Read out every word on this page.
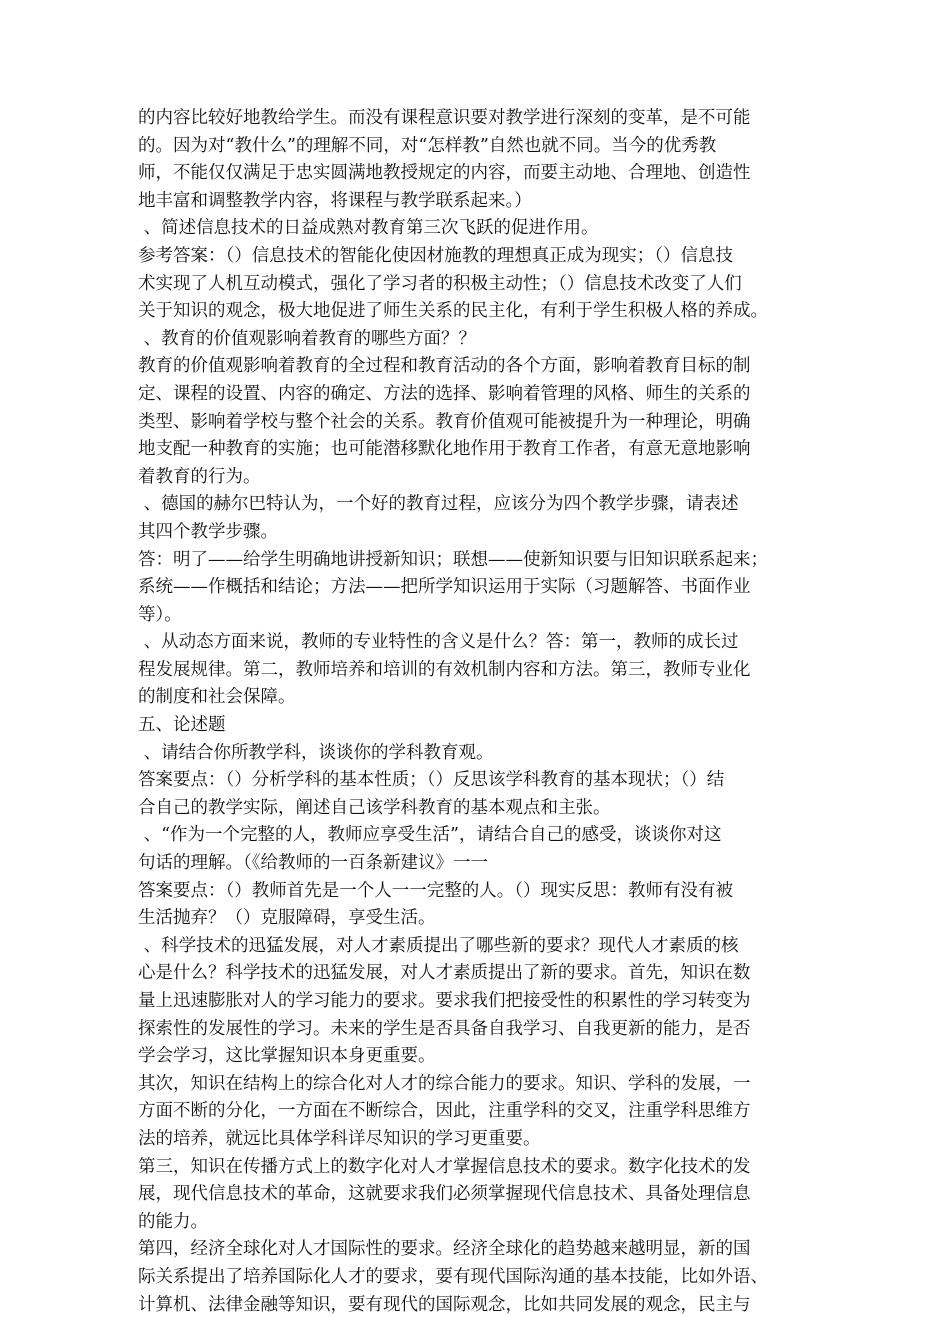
的内容比较好地教给学生。而没有课程意识要对教学进行深刻的变革，是不可能
的。因为对“教什么”的理解不同，对“怎样教”自然也就不同。当今的优秀教
师，不能仅仅满足于忠实圆满地教授规定的内容，而要主动地、合理地、创造性
地丰富和调整教学内容，将课程与教学联系起来。）
、简述信息技术的日益成熟对教育第三次飞跃的促进作用。
参考答案：（）信息技术的智能化使因材施教的理想真正成为现实；（）信息技
术实现了人机互动模式，强化了学习者的积极主动性；（）信息技术改变了人们
关于知识的观念，极大地促进了师生关系的民主化，有利于学生积极人格的养成。
、教育的价值观影响着教育的哪些方面？？
教育的价值观影响着教育的全过程和教育活动的各个方面，影响着教育目标的制
定、课程的设置、内容的确定、方法的选择、影响着管理的风格、师生的关系的
类型、影响着学校与整个社会的关系。教育价值观可能被提升为一种理论，明确
地支配一种教育的实施；也可能潜移默化地作用于教育工作者，有意无意地影响
着教育的行为。
、德国的赫尔巴特认为，一个好的教育过程，应该分为四个教学步骤，请表述
其四个教学步骤。
答：明了——给学生明确地讲授新知识；联想——使新知识要与旧知识联系起来；
系统——作概括和结论；方法——把所学知识运用于实际（习题解答、书面作业
等）。
、从动态方面来说，教师的专业特性的含义是什么？答：第一，教师的成长过
程发展规律。第二，教师培养和培训的有效机制内容和方法。第三，教师专业化
的制度和社会保障。
五、论述题
、请结合你所教学科，谈谈你的学科教育观。
答案要点：（）分析学科的基本性质；（）反思该学科教育的基本现状；（）结
合自己的教学实际，阐述自己该学科教育的基本观点和主张。
、“作为一个完整的人，教师应享受生活”，请结合自己的感受，谈谈你对这
句话的理解。（《给教师的一百条新建议》一一
答案要点：（）教师首先是一个人一一完整的人。（）现实反思：教师有没有被
生活抛弃？（）克服障碍，享受生活。
、科学技术的迅猛发展，对人才素质提出了哪些新的要求？现代人才素质的核
心是什么？科学技术的迅猛发展，对人才素质提出了新的要求。首先，知识在数
量上迅速膨胀对人的学习能力的要求。要求我们把接受性的积累性的学习转变为
探索性的发展性的学习。未来的学生是否具备自我学习、自我更新的能力，是否
学会学习，这比掌握知识本身更重要。
其次，知识在结构上的综合化对人才的综合能力的要求。知识、学科的发展，一
方面不断的分化，一方面在不断综合，因此，注重学科的交叉，注重学科思维方
法的培养，就远比具体学科详尽知识的学习更重要。
第三，知识在传播方式上的数字化对人才掌握信息技术的要求。数字化技术的发
展，现代信息技术的革命，这就要求我们必须掌握现代信息技术、具备处理信息
的能力。
第四，经济全球化对人才国际性的要求。经济全球化的趋势越来越明显，新的国
际关系提出了培养国际化人才的要求，要有现代国际沟通的基本技能，比如外语、
计算机、法律金融等知识，要有现代的国际观念，比如共同发展的观念，民主与
